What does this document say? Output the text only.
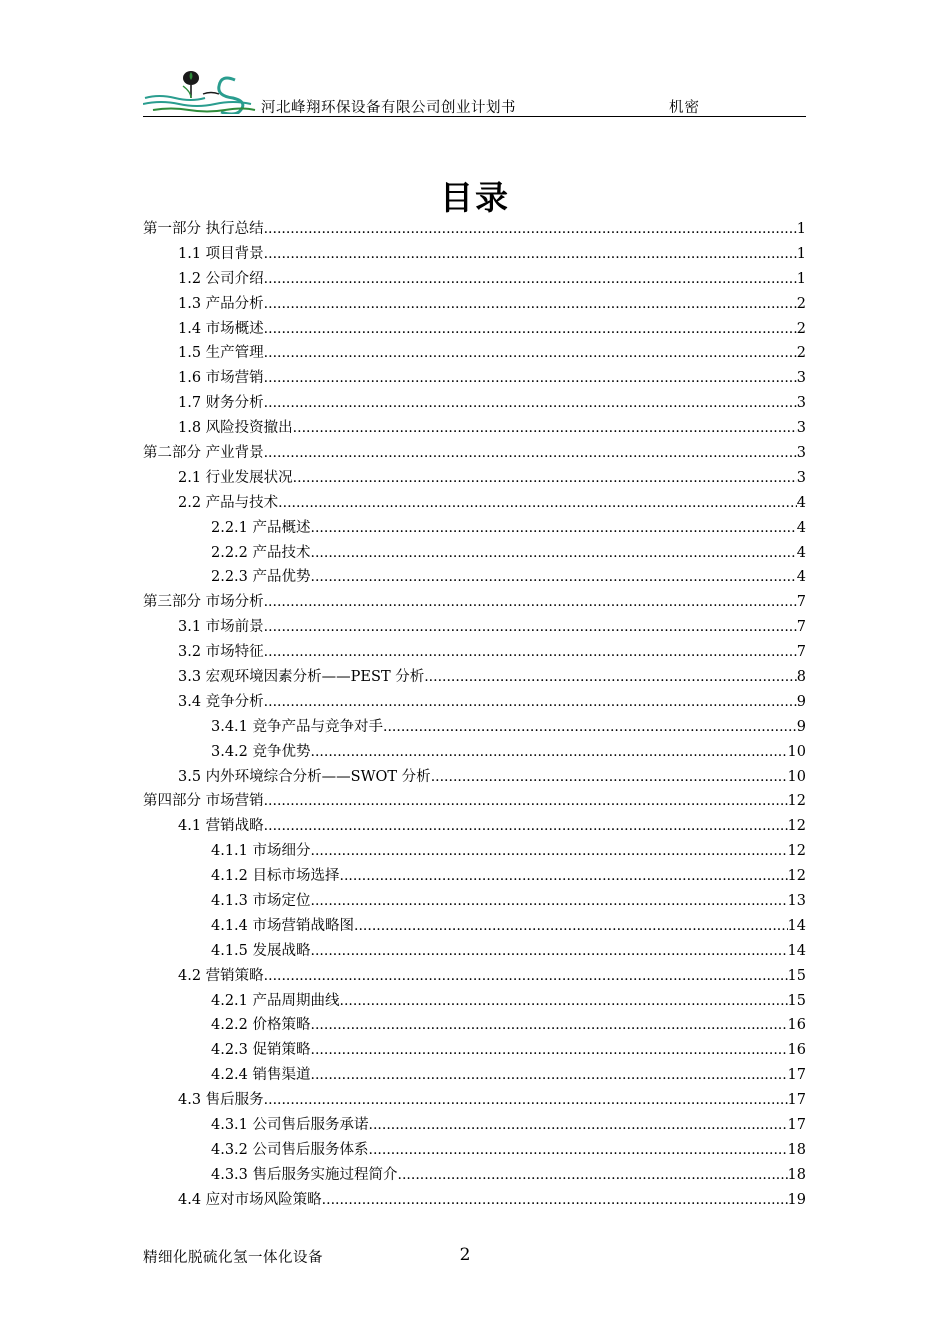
河北峰翔环保设备有限公司创业计划书	机密
目录
第一部分 执行总结 .....	1
1.1 项目背景 .....	1
1.2 公司介绍 .....	1
1.3 产品分析 .....	2
1.4 市场概述 .....	2
1.5 生产管理 .....	2
1.6 市场营销 .....	3
1.7 财务分析 .....	3
1.8 风险投资撤出 .....	3
第二部分 产业背景 .....	3
2.1 行业发展状况 .....	3
2.2 产品与技术 .....	4
2.2.1 产品概述 .....	4
2.2.2 产品技术 .....	4
2.2.3 产品优势 .....	4
第三部分 市场分析 .....	7
3.1 市场前景 .....	7
3.2 市场特征 .....	7
3.3 宏观环境因素分析——PEST 分析 .....	8
3.4 竞争分析 .....	9
3.4.1 竞争产品与竞争对手 .....	9
3.4.2 竞争优势 .....	10
3.5 内外环境综合分析——SWOT 分析 .....	10
第四部分 市场营销 .....	12
4.1 营销战略 .....	12
4.1.1 市场细分 .....	12
4.1.2 目标市场选择 .....	12
4.1.3 市场定位 .....	13
4.1.4 市场营销战略图 .....	14
4.1.5 发展战略 .....	14
4.2 营销策略 .....	15
4.2.1 产品周期曲线 .....	15
4.2.2 价格策略 .....	16
4.2.3 促销策略 .....	16
4.2.4 销售渠道 .....	17
4.3 售后服务 .....	17
4.3.1 公司售后服务承诺 .....	17
4.3.2 公司售后服务体系 .....	18
4.3.3 售后服务实施过程简介 .....	18
4.4 应对市场风险策略 .....	19
精细化脱硫化氢一体化设备	2
